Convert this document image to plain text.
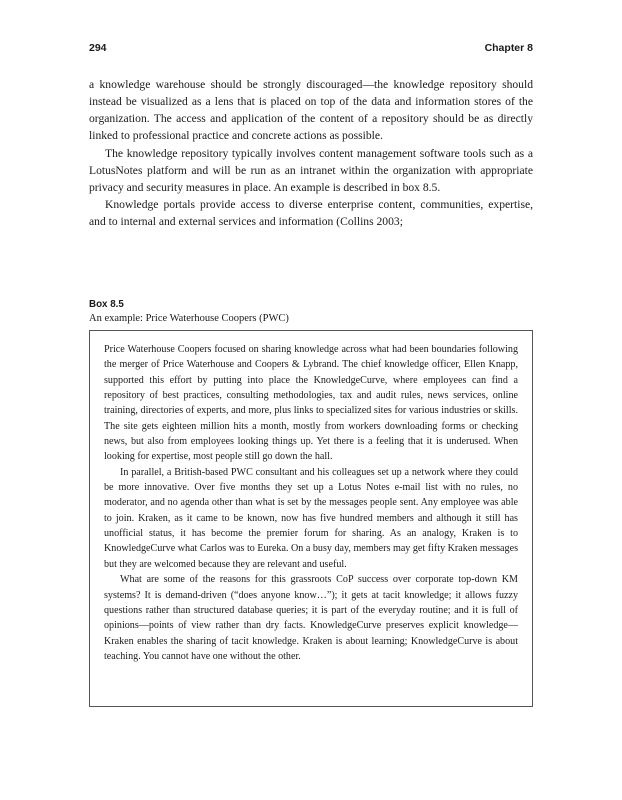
294	Chapter 8

a knowledge warehouse should be strongly discouraged—the knowledge repository should instead be visualized as a lens that is placed on top of the data and information stores of the organization. The access and application of the content of a repository should be as directly linked to professional practice and concrete actions as possible.

The knowledge repository typically involves content management software tools such as a LotusNotes platform and will be run as an intranet within the organization with appropriate privacy and security measures in place. An example is described in box 8.5.

Knowledge portals provide access to diverse enterprise content, communities, expertise, and to internal and external services and information (Collins 2003;

Box 8.5
An example: Price Waterhouse Coopers (PWC)

Price Waterhouse Coopers focused on sharing knowledge across what had been boundaries following the merger of Price Waterhouse and Coopers & Lybrand. The chief knowledge officer, Ellen Knapp, supported this effort by putting into place the KnowledgeCurve, where employees can find a repository of best practices, consulting methodologies, tax and audit rules, news services, online training, directories of experts, and more, plus links to specialized sites for various industries or skills. The site gets eighteen million hits a month, mostly from workers downloading forms or checking news, but also from employees looking things up. Yet there is a feeling that it is underused. When looking for expertise, most people still go down the hall.

In parallel, a British-based PWC consultant and his colleagues set up a network where they could be more innovative. Over five months they set up a Lotus Notes e-mail list with no rules, no moderator, and no agenda other than what is set by the messages people sent. Any employee was able to join. Kraken, as it came to be known, now has five hundred members and although it still has unofficial status, it has become the premier forum for sharing. As an analogy, Kraken is to KnowledgeCurve what Carlos was to Eureka. On a busy day, members may get fifty Kraken messages but they are welcomed because they are relevant and useful.

What are some of the reasons for this grassroots CoP success over corporate top-down KM systems? It is demand-driven (“does anyone know…”); it gets at tacit knowledge; it allows fuzzy questions rather than structured database queries; it is part of the everyday routine; and it is full of opinions—points of view rather than dry facts. KnowledgeCurve preserves explicit knowledge—Kraken enables the sharing of tacit knowledge. Kraken is about learning; KnowledgeCurve is about teaching. You cannot have one without the other.
